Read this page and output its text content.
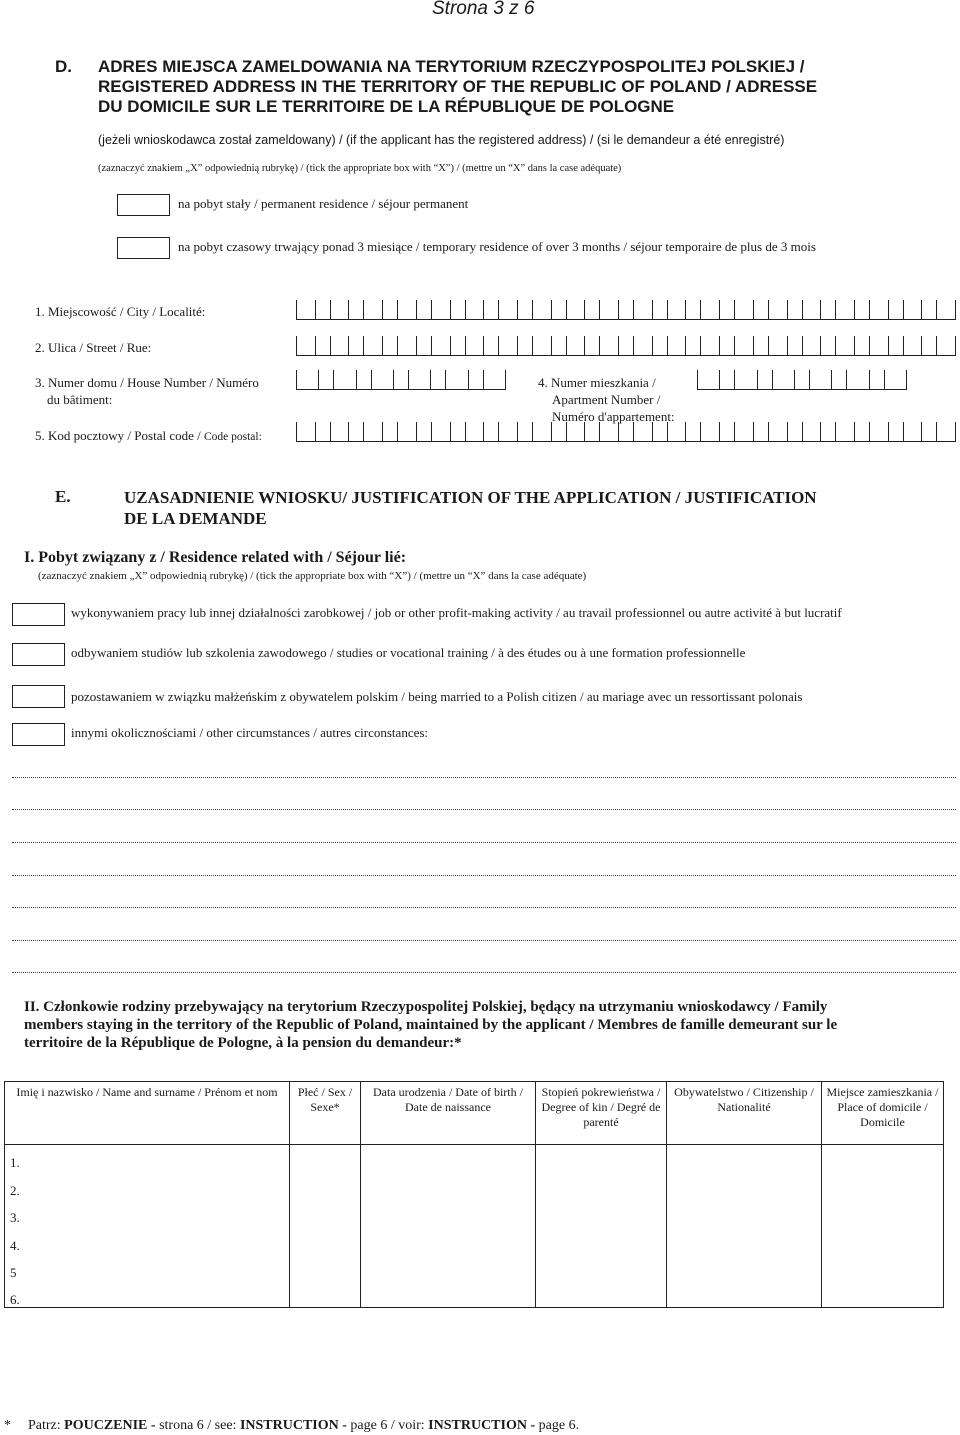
Strona 3 z 6
D. ADRES MIEJSCA ZAMELDOWANIA NA TERYTORIUM RZECZYPOSPOLITEJ POLSKIEJ /
REGISTERED ADDRESS IN THE TERRITORY OF THE REPUBLIC OF POLAND / ADRESSE
DU DOMICILE SUR LE TERRITOIRE DE LA RÉPUBLIQUE DE POLOGNE
(jeżeli wnioskodawca został zameldowany) / (if the applicant has the registered address) / (si le demandeur a été enregistré)
(zaznaczyć znakiem „X” odpowiednią rubrykę) / (tick the appropriate box with “X”) / (mettre un “X” dans la case adéquate)
na pobyt stały / permanent residence / séjour permanent
na pobyt czasowy trwający ponad 3 miesiące / temporary residence of over 3 months / séjour temporaire de plus de 3 mois
1. Miejscowość / City / Localité:
2. Ulica / Street / Rue:
3. Numer domu / House Number / Numéro
du bâtiment:
4. Numer mieszkania /
Apartment Number /
Numéro d'appartement:
5. Kod pocztowy / Postal code / Code postal:
E.	UZASADNIENIE WNIOSKU/ JUSTIFICATION OF THE APPLICATION / JUSTIFICATION
DE LA DEMANDE
I. Pobyt związany z / Residence related with / Séjour lié:
(zaznaczyć znakiem „X” odpowiednią rubrykę) / (tick the appropriate box with “X”) / (mettre un “X” dans la case adéquate)
wykonywaniem pracy lub innej działalności zarobkowej / job or other profit-making activity / au travail professionnel ou autre activité à but lucratif
odbywaniem studiów lub szkolenia zawodowego / studies or vocational training / à des études ou à une formation professionnelle
pozostawaniem w związku małżeńskim z obywatelem polskim / being married to a Polish citizen / au mariage avec un ressortissant polonais
innymi okolicznościami / other circumstances / autres circonstances:
II. Członkowie rodziny przebywający na terytorium Rzeczypospolitej Polskiej, będący na utrzymaniu wnioskodawcy / Family
members staying in the territory of the Republic of Poland, maintained by the applicant / Membres de famille demeurant sur le
territoire de la République de Pologne, à la pension du demandeur:*
Imię i nazwisko / Name and surname / Prénom et nom	Płeć / Sex / Sexe*	Data urodzenia / Date of birth / Date de naissance	Stopień pokrewieństwa / Degree of kin / Degré de parenté	Obywatelstwo / Citizenship / Nationalité	Miejsce zamieszkania / Place of domicile / Domicile

1.
2.
3.
4.
5
6.
* Patrz: POUCZENIE - strona 6 / see: INSTRUCTION - page 6 / voir: INSTRUCTION - page 6.
